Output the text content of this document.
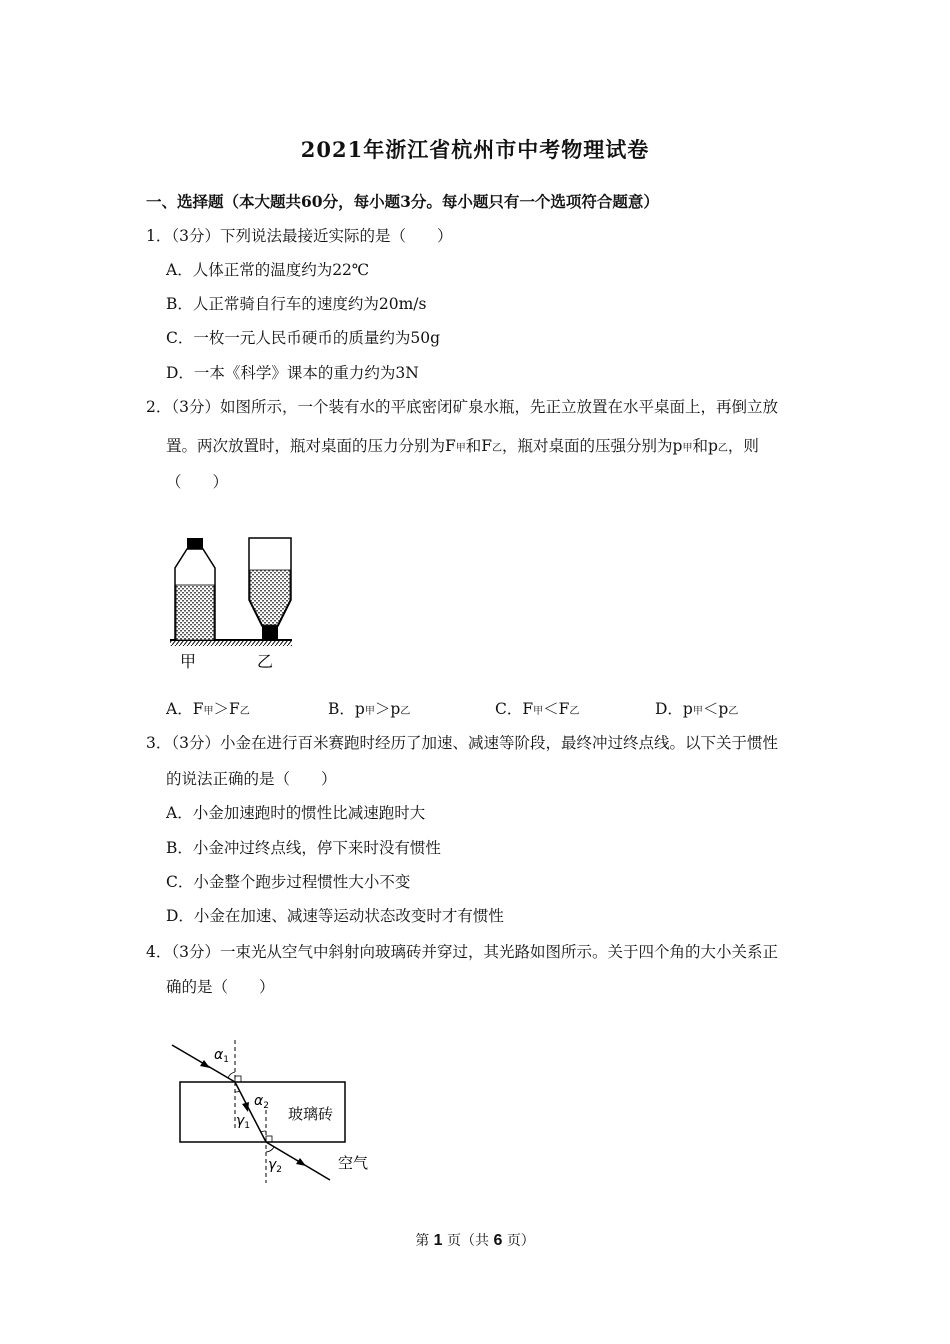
2021年浙江省杭州市中考物理试卷
一、选择题（本大题共60分，每小题3分。每小题只有一个选项符合题意）
1．（3分）下列说法最接近实际的是（　　）
A．人体正常的温度约为22℃
B．人正常骑自行车的速度约为20m/s
C．一枚一元人民币硬币的质量约为50g
D．一本《科学》课本的重力约为3N
2．（3分）如图所示，一个装有水的平底密闭矿泉水瓶，先正立放置在水平桌面上，再倒立放
置。两次放置时，瓶对桌面的压力分别为F甲和F乙，瓶对桌面的压强分别为p甲和p乙，则
（　　）
甲	乙
A．F甲＞F乙	B．p甲＞p乙	C．F甲＜F乙	D．p甲＜p乙
3．（3分）小金在进行百米赛跑时经历了加速、减速等阶段，最终冲过终点线。以下关于惯性
的说法正确的是（　　）
A．小金加速跑时的惯性比减速跑时大
B．小金冲过终点线，停下来时没有惯性
C．小金整个跑步过程惯性大小不变
D．小金在加速、减速等运动状态改变时才有惯性
4．（3分）一束光从空气中斜射向玻璃砖并穿过，其光路如图所示。关于四个角的大小关系正
确的是（　　）
$\alpha_1$
$\alpha_2$
$\gamma_1$
$\gamma_2$
玻璃砖
空气
第 1 页（共 6 页）
